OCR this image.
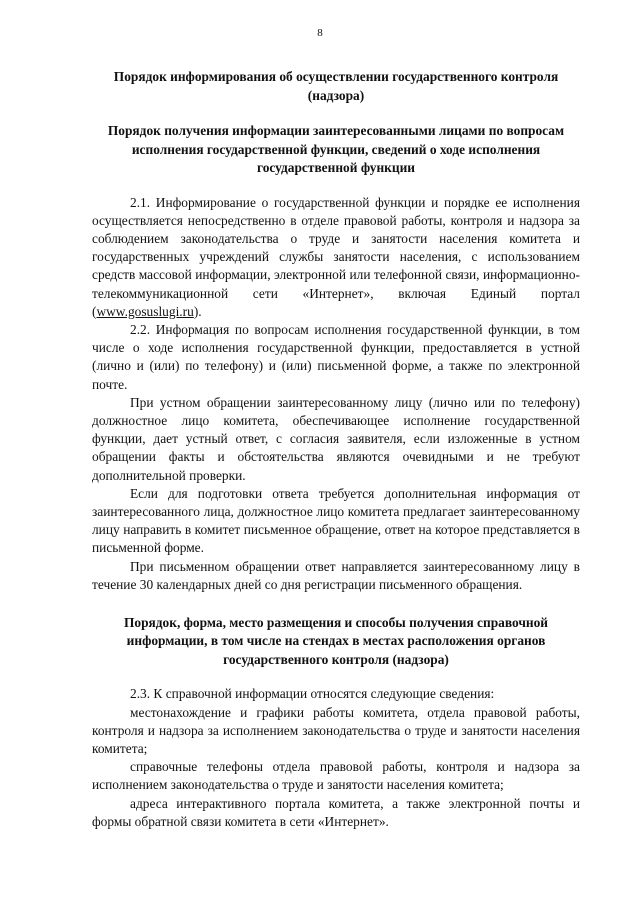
8
Порядок информирования об осуществлении государственного контроля (надзора)
Порядок получения информации заинтересованными лицами по вопросам исполнения государственной функции, сведений о ходе исполнения государственной функции

2.1. Информирование о государственной функции и порядке ее исполнения осуществляется непосредственно в отделе правовой работы, контроля и надзора за соблюдением законодательства о труде и занятости населения комитета и государственных учреждений службы занятости населения, с использованием средств массовой информации, электронной или телефонной связи, информационно-телекоммуникационной сети «Интернет», включая Единый портал (www.gosuslugi.ru).

2.2. Информация по вопросам исполнения государственной функции, в том числе о ходе исполнения государственной функции, предоставляется в устной (лично и (или) по телефону) и (или) письменной форме, а также по электронной почте.

При устном обращении заинтересованному лицу (лично или по телефону) должностное лицо комитета, обеспечивающее исполнение государственной функции, дает устный ответ, с согласия заявителя, если изложенные в устном обращении факты и обстоятельства являются очевидными и не требуют дополнительной проверки.

Если для подготовки ответа требуется дополнительная информация от заинтересованного лица, должностное лицо комитета предлагает заинтересованному лицу направить в комитет письменное обращение, ответ на которое представляется в письменной форме.

При письменном обращении ответ направляется заинтересованному лицу в течение 30 календарных дней со дня регистрации письменного обращения.

Порядок, форма, место размещения и способы получения справочной информации, в том числе на стендах в местах расположения органов государственного контроля (надзора)

2.3. К справочной информации относятся следующие сведения:

местонахождение и графики работы комитета, отдела правовой работы, контроля и надзора за исполнением законодательства о труде и занятости населения комитета;

справочные телефоны отдела правовой работы, контроля и надзора за исполнением законодательства о труде и занятости населения комитета;

адреса интерактивного портала комитета, а также электронной почты и формы обратной связи комитета в сети «Интернет».
